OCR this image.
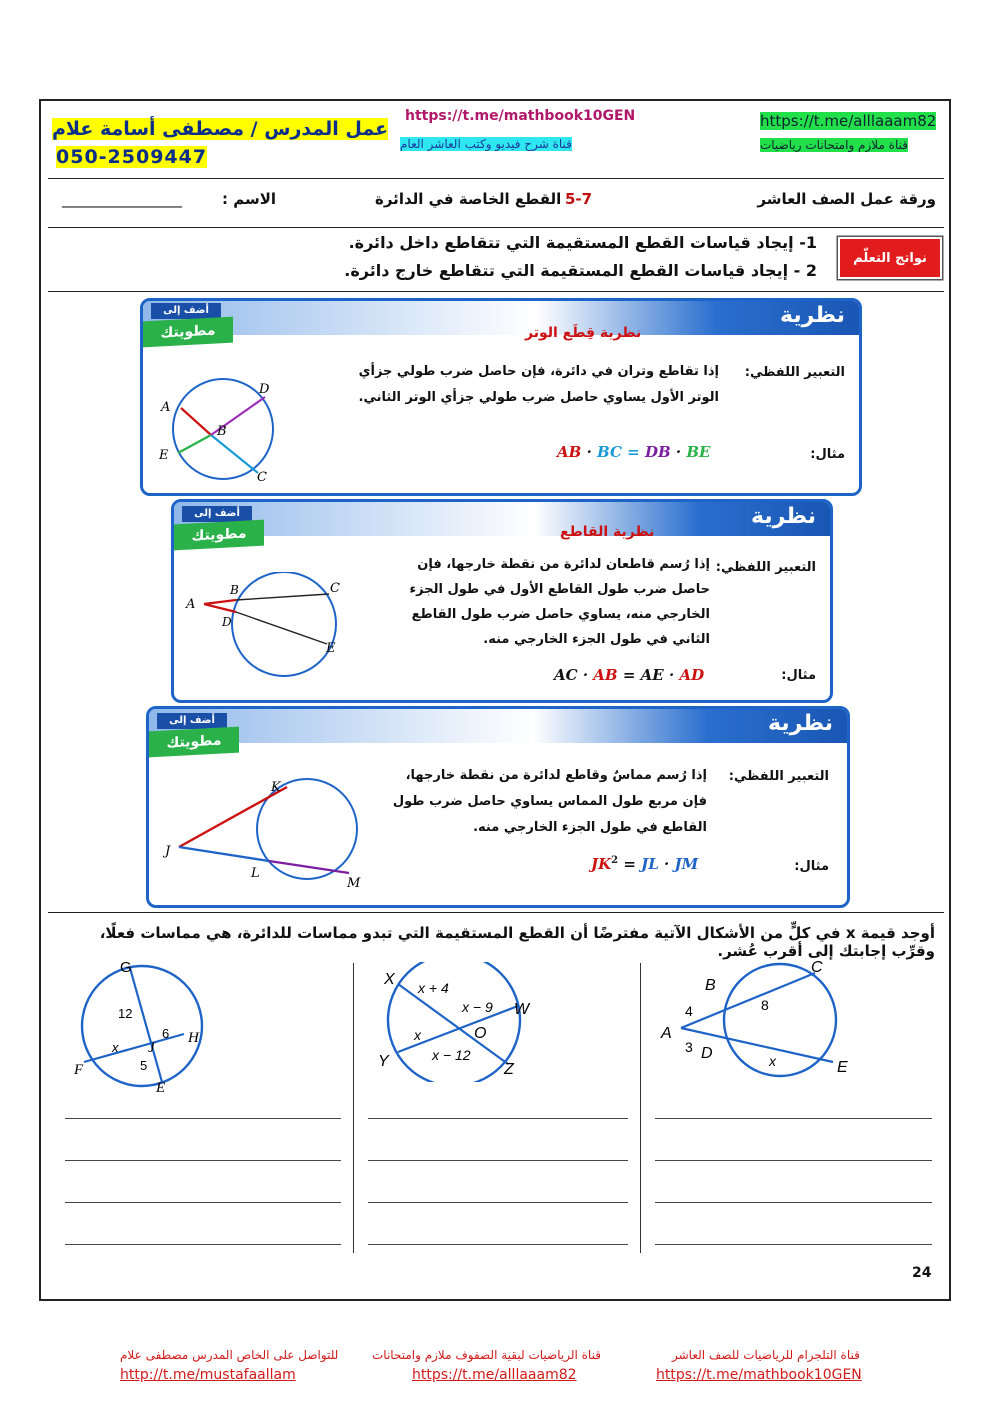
عمل المدرس / مصطفى أسامة علام
050-2509447
https://t.me/mathbook10GEN
قناة شرح فيديو وكتب العاشر العام
https://t.me/alllaaam82
قناة ملازم وامتحانات رياضيات
ورقة عمل الصف العاشر
5-7
القطع الخاصة في الدائرة
الاسم :
________________
نواتج التعلّم
1- إيجاد قياسات القطع المستقيمة التي تتقاطع داخل دائرة.
2 - إيجاد قياسات القطع المستقيمة التي تتقاطع خارج دائرة.
نظرية
نظرية قِطَع الوتر
أضف إلى
مطويتك
التعبير اللفظي:
إذا تقاطع وتران في دائرة، فإن حاصل ضرب طولي جزأي
الوتر الأول يساوي حاصل ضرب طولي جزأي الوتر الثاني.
مثال:
AB · BC = DB · BE
A
B
C
D
E
نظرية
نظرية القاطع
أضف إلى
مطويتك
التعبير اللفظي:
إذا رُسم قاطعان لدائرة من نقطة خارجها، فإن
حاصل ضرب طول القاطع الأول في طول الجزء
الخارجي منه، يساوي حاصل ضرب طول القاطع
الثاني في طول الجزء الخارجي منه.
مثال:
AC · AB = AE · AD
A
B	C
D
E
نظرية
أضف إلى
مطويتك
التعبير اللفظي:
إذا رُسم مماسٌ وقاطع لدائرة من نقطة خارجها،
فإن مربع طول المماس يساوي حاصل ضرب طول
القاطع في طول الجزء الخارجي منه.
مثال:
$JK^2$ = JL · JM
J
K
L
M
أوجد قيمة x في كلٍّ من الأشكال الآتية مفترضًا أن القطع المستقيمة التي تبدو مماسات للدائرة، هي مماسات فعلًا، وقرِّب إجابتك إلى أقرب عُشر.
C
B
A
D
E
4	8
3
x
X
W
O
Y	Z
x + 4
x − 9
x
x − 12
G
H
F
E
J
12
6
5
x
24
للتواصل على الخاص المدرس مصطفى علام	قناة الرياضيات لبقية الصفوف ملازم وامتحانات	قناة التلجرام للرياضيات للصف العاشر
http://t.me/mustafaallam	https://t.me/alllaaam82	https://t.me/mathbook10GEN
